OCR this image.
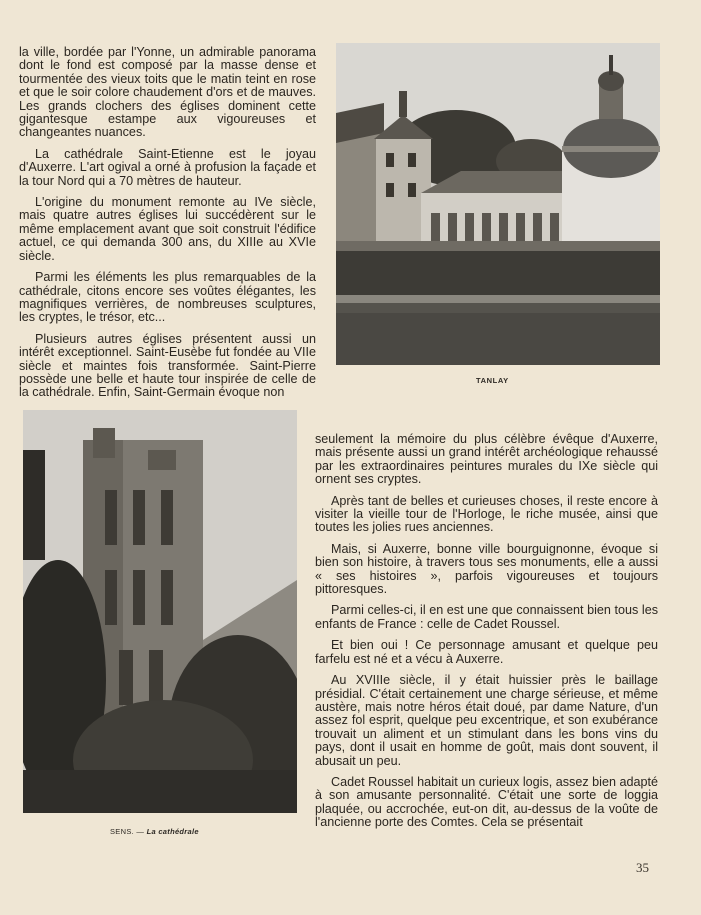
la ville, bordée par l'Yonne, un admirable panorama dont le fond est composé par la masse dense et tourmentée des vieux toits que le matin teint en rose et que le soir colore chaudement d'ors et de mauves. Les grands clochers des églises dominent cette gigantesque estampe aux vigoureuses et changeantes nuances.

La cathédrale Saint-Etienne est le joyau d'Auxerre. L'art ogival a orné à profusion la façade et la tour Nord qui a 70 mètres de hauteur.

L'origine du monument remonte au IVe siècle, mais quatre autres églises lui succédèrent sur le même emplacement avant que soit construit l'édifice actuel, ce qui demanda 300 ans, du XIIIe au XVIe siècle.

Parmi les éléments les plus remarquables de la cathédrale, citons encore ses voûtes élégantes, les magnifiques verrières, de nombreuses sculptures, les cryptes, le trésor, etc...

Plusieurs autres églises présentent aussi un intérêt exceptionnel. Saint-Eusèbe fut fondée au VIIe siècle et maintes fois transformée. Saint-Pierre possède une belle et haute tour inspirée de celle de la cathédrale. Enfin, Saint-Germain évoque non

TANLAY
SENS. — La cathédrale

seulement la mémoire du plus célèbre évêque d'Auxerre, mais présente aussi un grand intérêt archéologique rehaussé par les extraordinaires peintures murales du IXe siècle qui ornent ses cryptes.

Après tant de belles et curieuses choses, il reste encore à visiter la vieille tour de l'Horloge, le riche musée, ainsi que toutes les jolies rues anciennes.

Mais, si Auxerre, bonne ville bourguignonne, évoque si bien son histoire, à travers tous ses monuments, elle a aussi « ses histoires », parfois vigoureuses et toujours pittoresques.

Parmi celles-ci, il en est une que connaissent bien tous les enfants de France : celle de Cadet Roussel.

Et bien oui ! Ce personnage amusant et quelque peu farfelu est né et a vécu à Auxerre.

Au XVIIIe siècle, il y était huissier près le baillage présidial. C'était certainement une charge sérieuse, et même austère, mais notre héros était doué, par dame Nature, d'un assez fol esprit, quelque peu excentrique, et son exubérance trouvait un aliment et un stimulant dans les bons vins du pays, dont il usait en homme de goût, mais dont souvent, il abusait un peu.

Cadet Roussel habitait un curieux logis, assez bien adapté à son amusante personnalité. C'était une sorte de loggia plaquée, ou accrochée, eut-on dit, au-dessus de la voûte de l'ancienne porte des Comtes. Cela se présentait

35
